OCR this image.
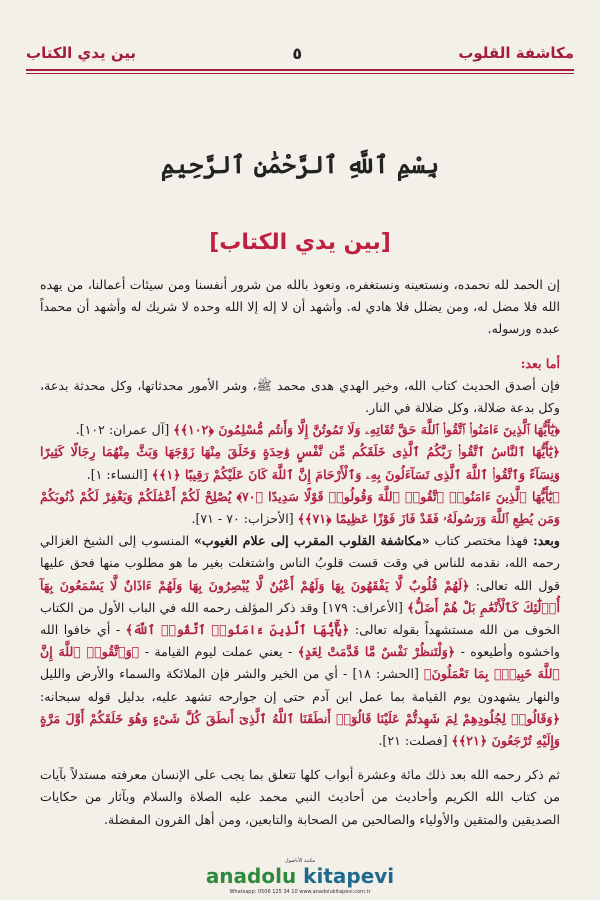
بين يدي الكتاب	٥	مكاشفة القلوب
بِسْمِ ٱللَّهِ ٱلرَّحْمَٰنِ ٱلرَّحِيمِ
[بين يدي الكتاب]

إن الحمد لله نحمده، ونستعينه ونستغفره، ونعوذ بالله من شرور أنفسنا ومن سيئات أعمالنا، من يهده الله فلا مضل له، ومن يضلل فلا هادي له. وأشهد أن لا إله إلا الله وحده لا شريك له وأشهد أن محمداً عبده ورسوله.

أما بعد:

فإن أصدق الحديث كتاب الله، وخير الهدي هدى محمد ﷺ، وشر الأمور محدثاتها، وكل محدثة بدعة، وكل بدعة ضلالة، وكل ضلالة في النار.

﴿يَٰٓأَيُّهَا ٱلَّذِينَ ءَامَنُوا۟ ٱتَّقُوا۟ ٱللَّهَ حَقَّ تُقَاتِهِۦ وَلَا تَمُوتُنَّ إِلَّا وَأَنتُم مُّسْلِمُونَ ﴿١٠٢﴾﴾ [آل عمران: ١٠٢].

﴿يَٰٓأَيُّهَا ٱلنَّاسُ ٱتَّقُوا۟ رَبَّكُمُ ٱلَّذِى خَلَقَكُم مِّن نَّفْسٍ وَٰحِدَةٍ وَخَلَقَ مِنْهَا زَوْجَهَا وَبَثَّ مِنْهُمَا رِجَالًا كَثِيرًا وَنِسَآءً وَٱتَّقُوا۟ ٱللَّهَ ٱلَّذِى تَسَآءَلُونَ بِهِۦ وَٱلْأَرْحَامَ إِنَّ ٱللَّهَ كَانَ عَلَيْكُمْ رَقِيبًا ﴿١﴾﴾ [النساء: ١].

﴿يَٰٓأَيُّهَا ٱلَّذِينَ ءَامَنُوا۟ ٱتَّقُوا۟ ٱللَّهَ وَقُولُوا۟ قَوْلًا سَدِيدًا ﴿٧٠﴾ يُصْلِحْ لَكُمْ أَعْمَٰلَكُمْ وَيَغْفِرْ لَكُمْ ذُنُوبَكُمْ وَمَن يُطِعِ ٱللَّهَ وَرَسُولَهُۥ فَقَدْ فَازَ فَوْزًا عَظِيمًا ﴿٧١﴾﴾ [الأحزاب: ٧٠ - ٧١].

وبعد: فهذا مختصر كتاب «مكاشفة القلوب المقرب إلى علام الغيوب» المنسوب إلى الشيخ الغزالي رحمه الله، نقدمه للناس في وقت قست قلوبُ الناس واشتغلت بغير ما هو مطلوب منها فحق عليها قول الله تعالى: ﴿لَهُمْ قُلُوبٌ لَّا يَفْقَهُونَ بِهَا وَلَهُمْ أَعْيُنٌ لَّا يُبْصِرُونَ بِهَا وَلَهُمْ ءَاذَانٌ لَّا يَسْمَعُونَ بِهَآ أُو۟لَٰٓئِكَ كَٱلْأَنْعَٰمِ بَلْ هُمْ أَضَلُّ﴾ [الأعراف: ١٧٩] وقد ذكر المؤلف رحمه الله في الباب الأول من الكتاب الخوف من الله مستشهداً بقوله تعالى: ﴿يَٰٓأَيُّهَا ٱلَّذِينَ ءَامَنُوا۟ ٱتَّقُوا۟ ٱللَّهَ﴾ - أي خافوا الله واخشوه وأطيعوه - ﴿وَلْتَنظُرْ نَفْسٌ مَّا قَدَّمَتْ لِغَدٍ﴾ - يعني عملت ليوم القيامة - ﴿وَٱتَّقُوا۟ ٱللَّهَ إِنَّ ٱللَّهَ خَبِيرٌۢ بِمَا تَعْمَلُونَ﴾ [الحشر: ١٨] - أي من الخير والشر فإن الملائكة والسماء والأرض والليل والنهار يشهدون يوم القيامة بما عمل ابن آدم حتى إن جوارحه تشهد عليه، بدليل قوله سبحانه: ﴿وَقَالُوا۟ لِجُلُودِهِمْ لِمَ شَهِدتُّمْ عَلَيْنَا قَالُوٓا۟ أَنطَقَنَا ٱللَّهُ ٱلَّذِىٓ أَنطَقَ كُلَّ شَىْءٍ وَهُوَ خَلَقَكُمْ أَوَّلَ مَرَّةٍ وَإِلَيْهِ تُرْجَعُونَ ﴿٢١﴾﴾ [فصلت: ٢١].

ثم ذكر رحمه الله بعد ذلك مائة وعشرة أبواب كلها تتعلق بما يجب على الإنسان معرفته مستدلاً بآيات من كتاب الله الكريم وأحاديث من أحاديث النبي محمد عليه الصلاة والسلام وبآثار من حكايات الصديقين والمتقين والأولياء والصالحين من الصحابة والتابعين، ومن أهل القرون المفضلة.

مكتبة الأناضول
anadolu kitapevi
Whatsapp: 0506 125 34 10 www.anadolukitapevi.com.tr
